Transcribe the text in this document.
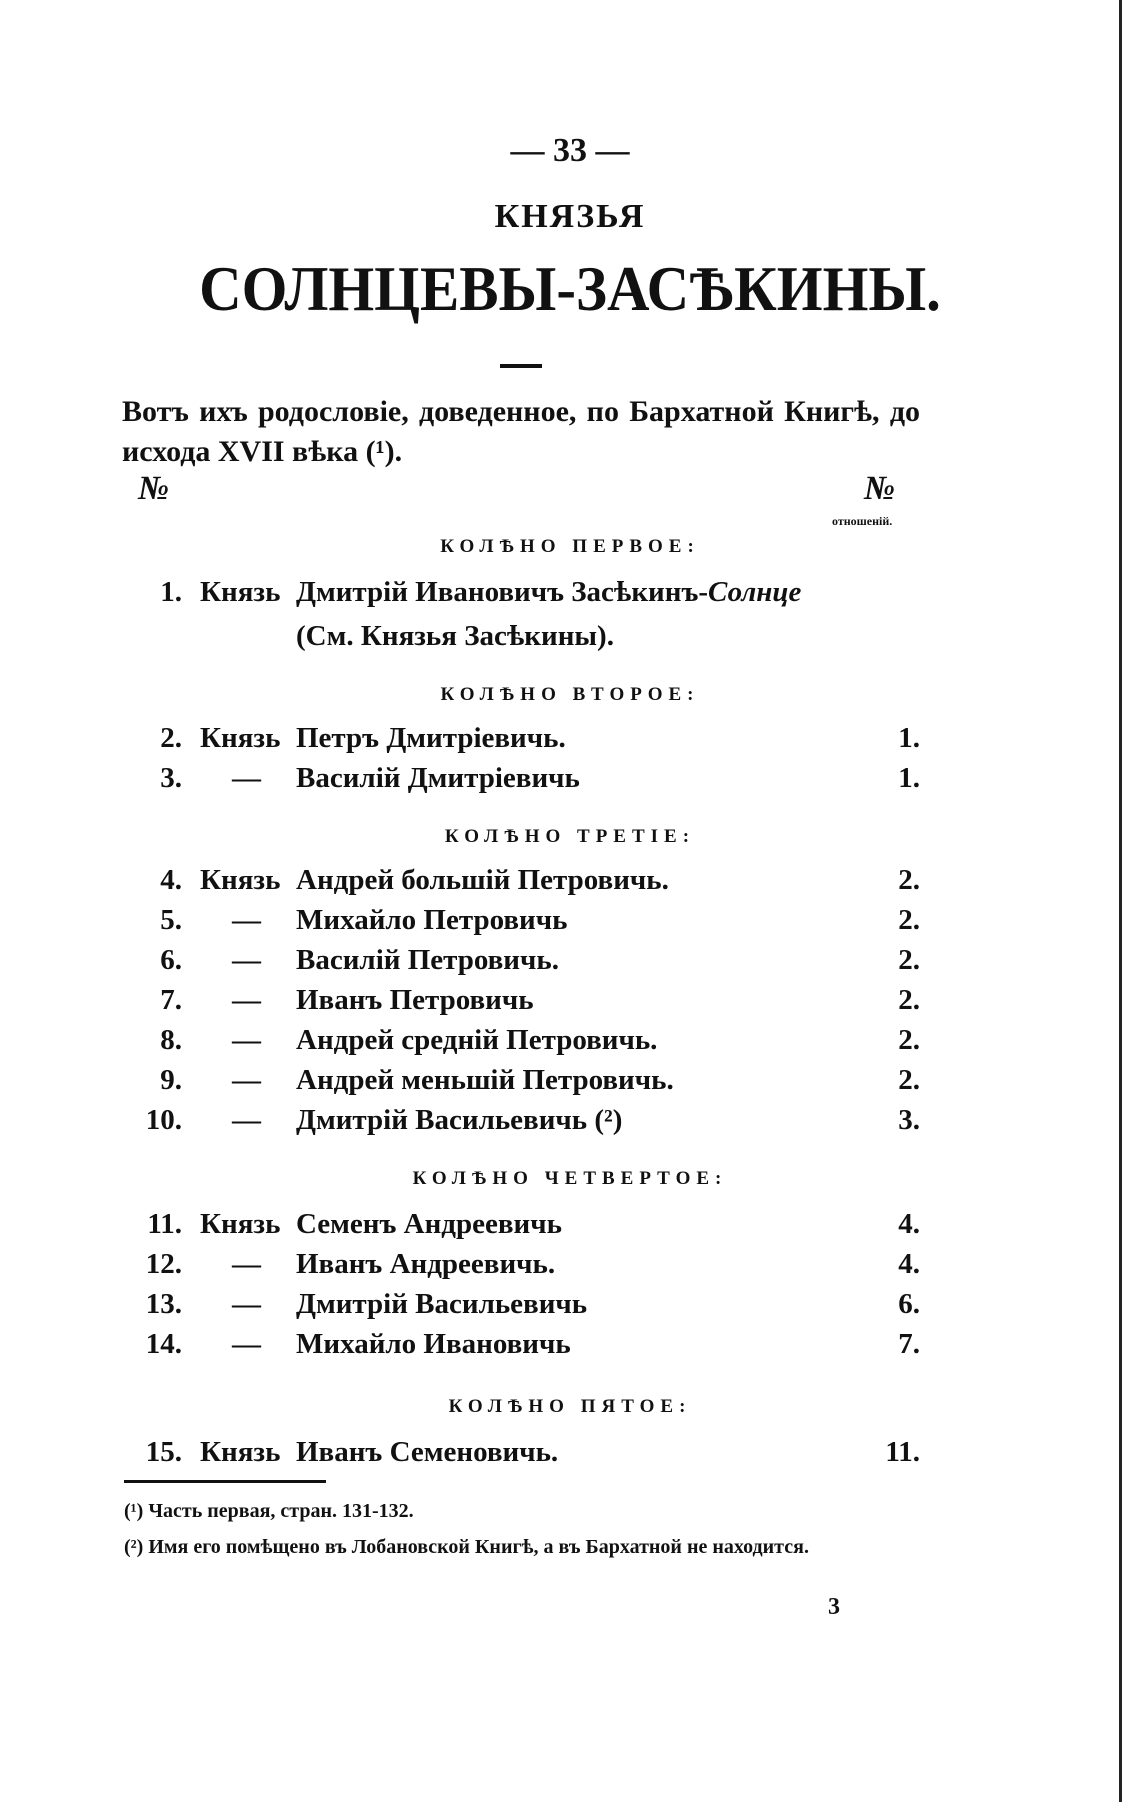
— 33 —
КНЯЗЬЯ
СОЛНЦЕВЫ-ЗАСѢКИНЫ.
Вотъ ихъ родословіе, доведенное, по Бархатной Книгѣ, до исхода XVII вѣка (¹).
№	№
отношеній.
КОЛѢНО ПЕРВОЕ:
1. Князь Дмитрій Ивановичъ Засѣкинъ-Солнце
(См. Князья Засѣкины).
КОЛѢНО ВТОРОЕ:
2. Князь Петръ Дмитріевичь.	1.
3. — Василій Дмитріевичь	1.
КОЛѢНО ТРЕТІЕ:
4. Князь Андрей большій Петровичь.	2.
5. — Михайло Петровичь	2.
6. — Василій Петровичь.	2.
7. — Иванъ Петровичь	2.
8. — Андрей средній Петровичь.	2.
9. — Андрей меньшій Петровичь.	2.
10. — Дмитрій Васильевичь (²)	3.
КОЛѢНО ЧЕТВЕРТОЕ:
11. Князь Семенъ Андреевичь	4.
12. — Иванъ Андреевичь.	4.
13. — Дмитрій Васильевичь	6.
14. — Михайло Ивановичь	7.
КОЛѢНО ПЯТОЕ:
15. Князь Иванъ Семеновичь.	11.
(¹) Часть первая, стран. 131-132.
(²) Имя его помѣщено въ Лобановской Книгѣ, а въ Бархатной не находится.
3
